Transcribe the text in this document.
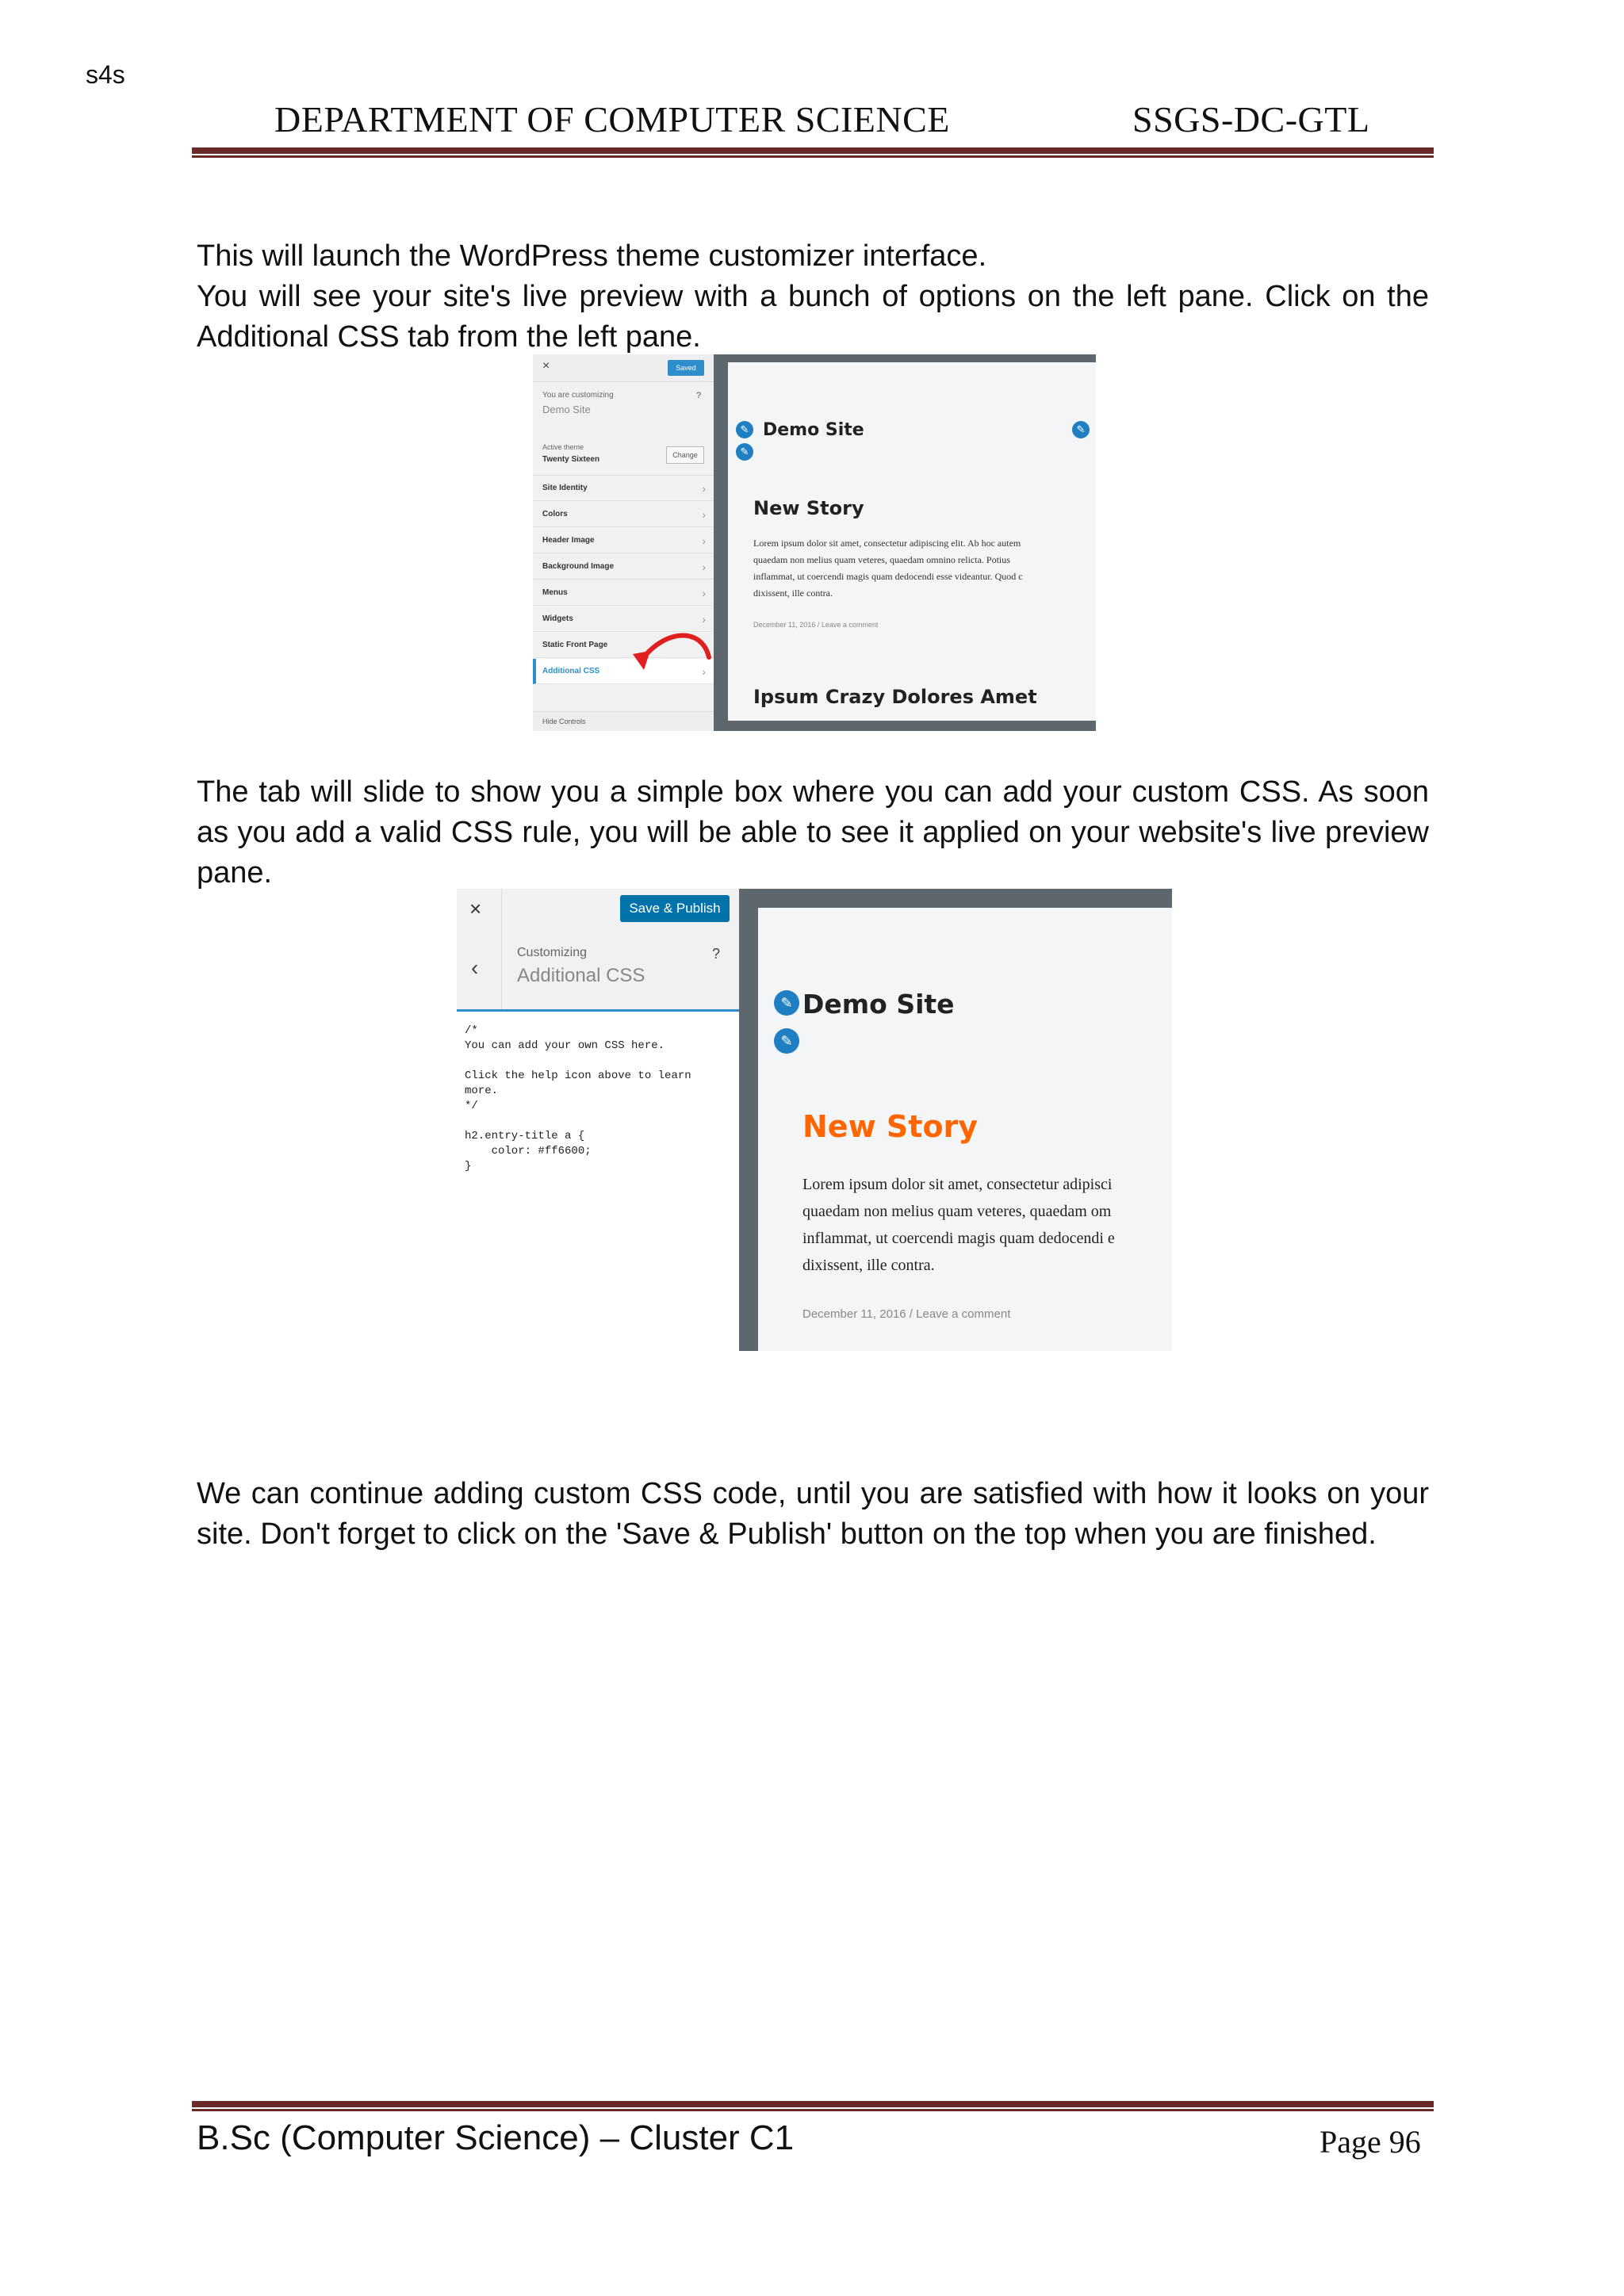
s4s
DEPARTMENT OF COMPUTER SCIENCE	SSGS-DC-GTL

This will launch the WordPress theme customizer interface.

You will see your site's live preview with a bunch of options on the left pane. Click on the Additional CSS tab from the left pane.

×	Saved
You are customizing
Demo Site
?
Active theme
Twenty Sixteen	Change
Site Identity	›
Colors	›
Header Image	›
Background Image	›
Menus	›
Widgets	›
Static Front Page	›
Additional CSS	›
Hide Controls
✎
✎
✎
Demo Site
New Story
Lorem ipsum dolor sit amet, consectetur adipiscing elit. Ab hoc autem
quaedam non melius quam veteres, quaedam omnino relicta. Potius
inflammat, ut coercendi magis quam dedocendi esse videantur. Quod c
dixissent, ille contra.
December 11, 2016 / Leave a comment
Ipsum Crazy Dolores Amet

The tab will slide to show you a simple box where you can add your custom CSS. As soon as you add a valid CSS rule, you will be able to see it applied on your website's live preview pane.

×	Save & Publish
‹
Customizing
Additional CSS
?
/*
You can add your own CSS here.

Click the help icon above to learn
more.
*/

h2.entry-title a {
color: #ff6600;
}
✎
✎
Demo Site
New Story
Lorem ipsum dolor sit amet, consectetur adipisci
quaedam non melius quam veteres, quaedam om
inflammat, ut coercendi magis quam dedocendi e
dixissent, ille contra.
December 11, 2016 / Leave a comment

We can continue adding custom CSS code, until you are satisfied with how it looks on your site. Don't forget to click on the 'Save & Publish' button on the top when you are finished.

B.Sc (Computer Science) – Cluster C1	Page 96
